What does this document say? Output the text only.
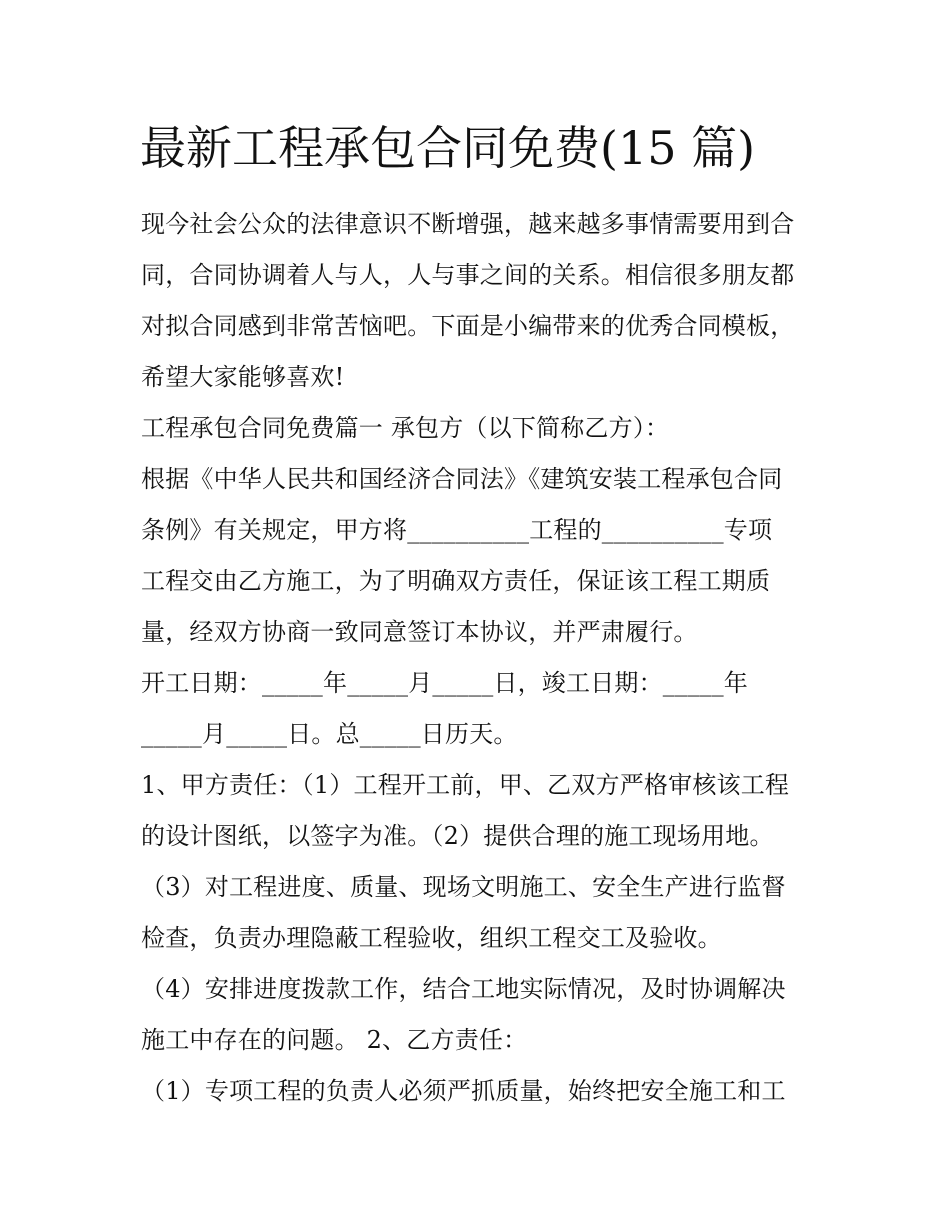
最新工程承包合同免费(15 篇)
现今社会公众的法律意识不断增强，越来越多事情需要用到合
同，合同协调着人与人，人与事之间的关系。相信很多朋友都
对拟合同感到非常苦恼吧。下面是小编带来的优秀合同模板，
希望大家能够喜欢!
工程承包合同免费篇一 承包方（以下简称乙方）：
根据《中华人民共和国经济合同法》《建筑安装工程承包合同
条例》有关规定，甲方将__________工程的__________专项
工程交由乙方施工，为了明确双方责任，保证该工程工期质
量，经双方协商一致同意签订本协议，并严肃履行。
开工日期：_____年_____月_____日，竣工日期：_____年
_____月_____日。总_____日历天。
1、甲方责任：（1）工程开工前，甲、乙双方严格审核该工程
的设计图纸，以签字为准。（2）提供合理的施工现场用地。
（3）对工程进度、质量、现场文明施工、安全生产进行监督
检查，负责办理隐蔽工程验收，组织工程交工及验收。
（4）安排进度拨款工作，结合工地实际情况，及时协调解决
施工中存在的问题。 2、乙方责任：
（1）专项工程的负责人必须严抓质量，始终把安全施工和工
